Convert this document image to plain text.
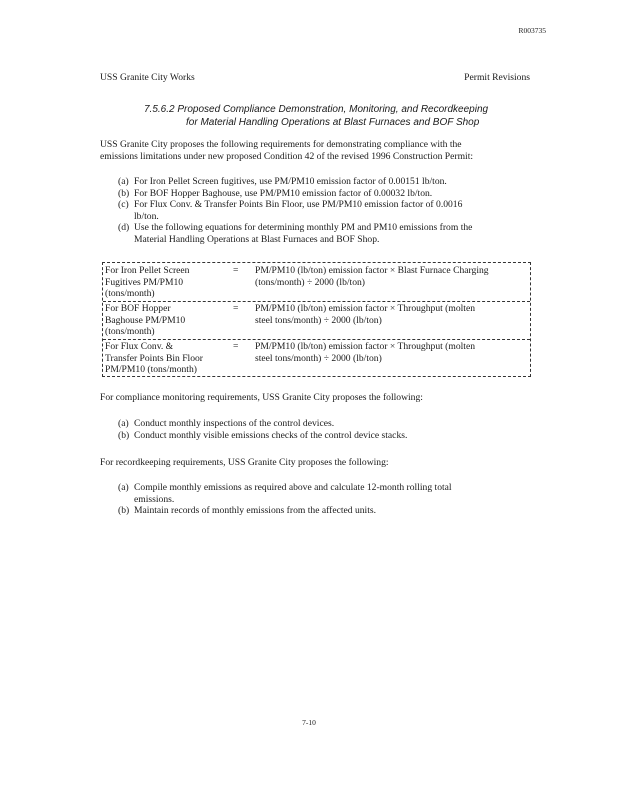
R003735
USS Granite City Works	Permit Revisions
7.5.6.2 Proposed Compliance Demonstration, Monitoring, and Recordkeeping
for Material Handling Operations at Blast Furnaces and BOF Shop
USS Granite City proposes the following requirements for demonstrating compliance with the
emissions limitations under new proposed Condition 42 of the revised 1996 Construction Permit:
(a) For Iron Pellet Screen fugitives, use PM/PM10 emission factor of 0.00151 lb/ton.
(b) For BOF Hopper Baghouse, use PM/PM10 emission factor of 0.00032 lb/ton.
(c) For Flux Conv. & Transfer Points Bin Floor, use PM/PM10 emission factor of 0.0016
lb/ton.
(d) Use the following equations for determining monthly PM and PM10 emissions from the
Material Handling Operations at Blast Furnaces and BOF Shop.
For Iron Pellet Screen
Fugitives PM/PM10
(tons/month)
= PM/PM10 (lb/ton) emission factor × Blast Furnace Charging
(tons/month) ÷ 2000 (lb/ton)
For BOF Hopper
Baghouse PM/PM10
(tons/month)
= PM/PM10 (lb/ton) emission factor × Throughput (molten
steel tons/month) ÷ 2000 (lb/ton)
For Flux Conv. &
Transfer Points Bin Floor
PM/PM10 (tons/month)
= PM/PM10 (lb/ton) emission factor × Throughput (molten
steel tons/month) ÷ 2000 (lb/ton)
For compliance monitoring requirements, USS Granite City proposes the following:
(a) Conduct monthly inspections of the control devices.
(b) Conduct monthly visible emissions checks of the control device stacks.
For recordkeeping requirements, USS Granite City proposes the following:
(a) Compile monthly emissions as required above and calculate 12-month rolling total
emissions.
(b) Maintain records of monthly emissions from the affected units.
7-10
